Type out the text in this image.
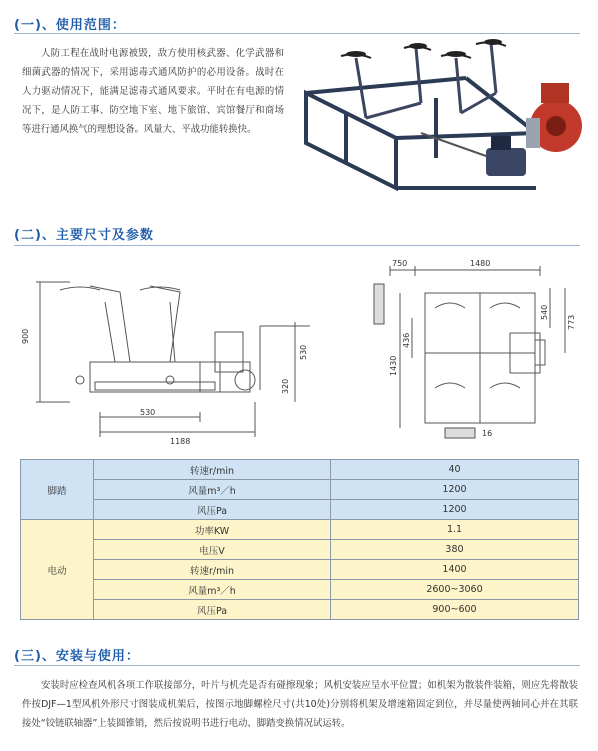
(一)、使用范围：

人防工程在战时电源被毁，敌方使用核武器、化学武器和细菌武器的情况下，采用滤毒式通风防护的必用设备。战时在人力驱动情况下，能满足滤毒式通风要求。平时在有电源的情况下，是人防工事、防空地下室、地下旅馆、宾馆餐厅和商场等进行通风换气的理想设备。风量大、平战功能转换快。

(二)、主要尺寸及参数
900
530
1188
530
320
750	1480
1430
436
540
773
16
脚踏	转速r/min	40
	风量m³／h	1200
	风压Pa	1200
电动	功率KW	1.1
	电压V	380
	转速r/min	1400
	风量m³／h	2600~3060
	风压Pa	900~600
(三)、安装与使用：

安装时应检查风机各项工作联接部分，叶片与机壳是否有碰擦现象；风机安装应呈水平位置；如机架为散装件装箱，则应先将散装件按DJF—1型风机外形尺寸图装成机架后，按图示地脚螺栓尺寸(共10处)分别将机架及增速箱固定到位，并尽量使两轴同心并在其联接处“铰链联轴器”上装圆锥销，然后按说明书进行电动、脚踏变换情况试运转。
